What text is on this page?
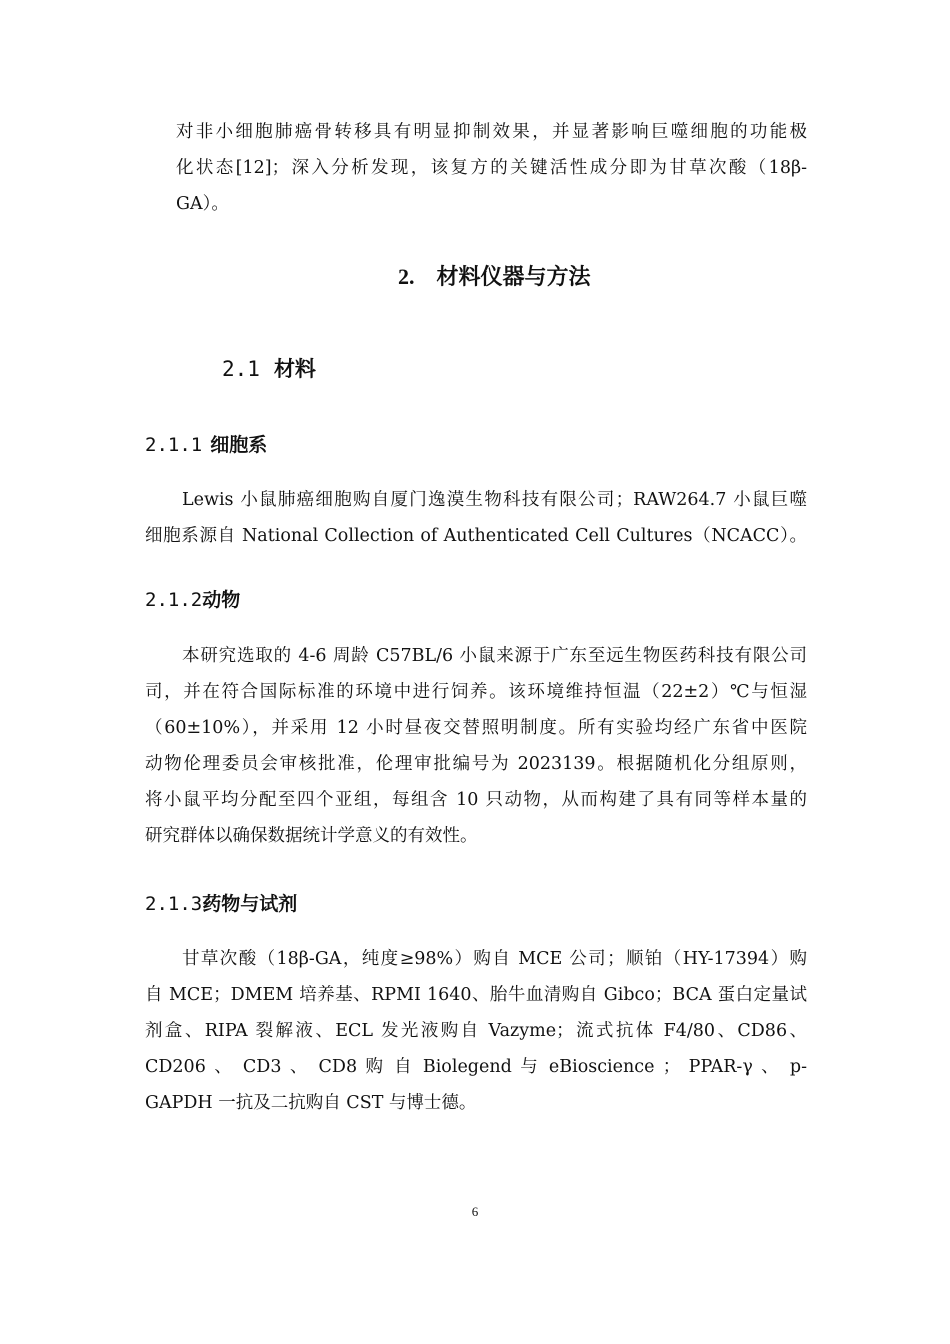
对非小细胞肺癌骨转移具有明显抑制效果，并显著影响巨噬细胞的功能极
化状态[12]；深入分析发现，该复方的关键活性成分即为甘草次酸（18β-
GA）。
2. 材料仪器与方法
2.1 材料
2.1.1 细胞系
Lewis 小鼠肺癌细胞购自厦门逸漠生物科技有限公司；RAW264.7 小鼠巨噬
细胞系源自 National Collection of Authenticated Cell Cultures（NCACC）。
2.1.2动物
本研究选取的 4-6 周龄 C57BL/6 小鼠来源于广东至远生物医药科技有限公司
司，并在符合国际标准的环境中进行饲养。该环境维持恒温（22±2）℃与恒湿
（60±10%），并采用 12 小时昼夜交替照明制度。所有实验均经广东省中医院
动物伦理委员会审核批准，伦理审批编号为 2023139。根据随机化分组原则，
将小鼠平均分配至四个亚组，每组含 10 只动物，从而构建了具有同等样本量的
研究群体以确保数据统计学意义的有效性。
2.1.3药物与试剂
甘草次酸（18β-GA，纯度≥98%）购自 MCE 公司；顺铂（HY-17394）购
自 MCE；DMEM 培养基、RPMI 1640、胎牛血清购自 Gibco；BCA 蛋白定量试
剂盒、RIPA 裂解液、ECL 发光液购自 Vazyme；流式抗体 F4/80、CD86、
CD206 、 CD3 、 CD8 购 自 Biolegend 与 eBioscience ； PPAR-γ 、 p-
GAPDH 一抗及二抗购自 CST 与博士德。
6
